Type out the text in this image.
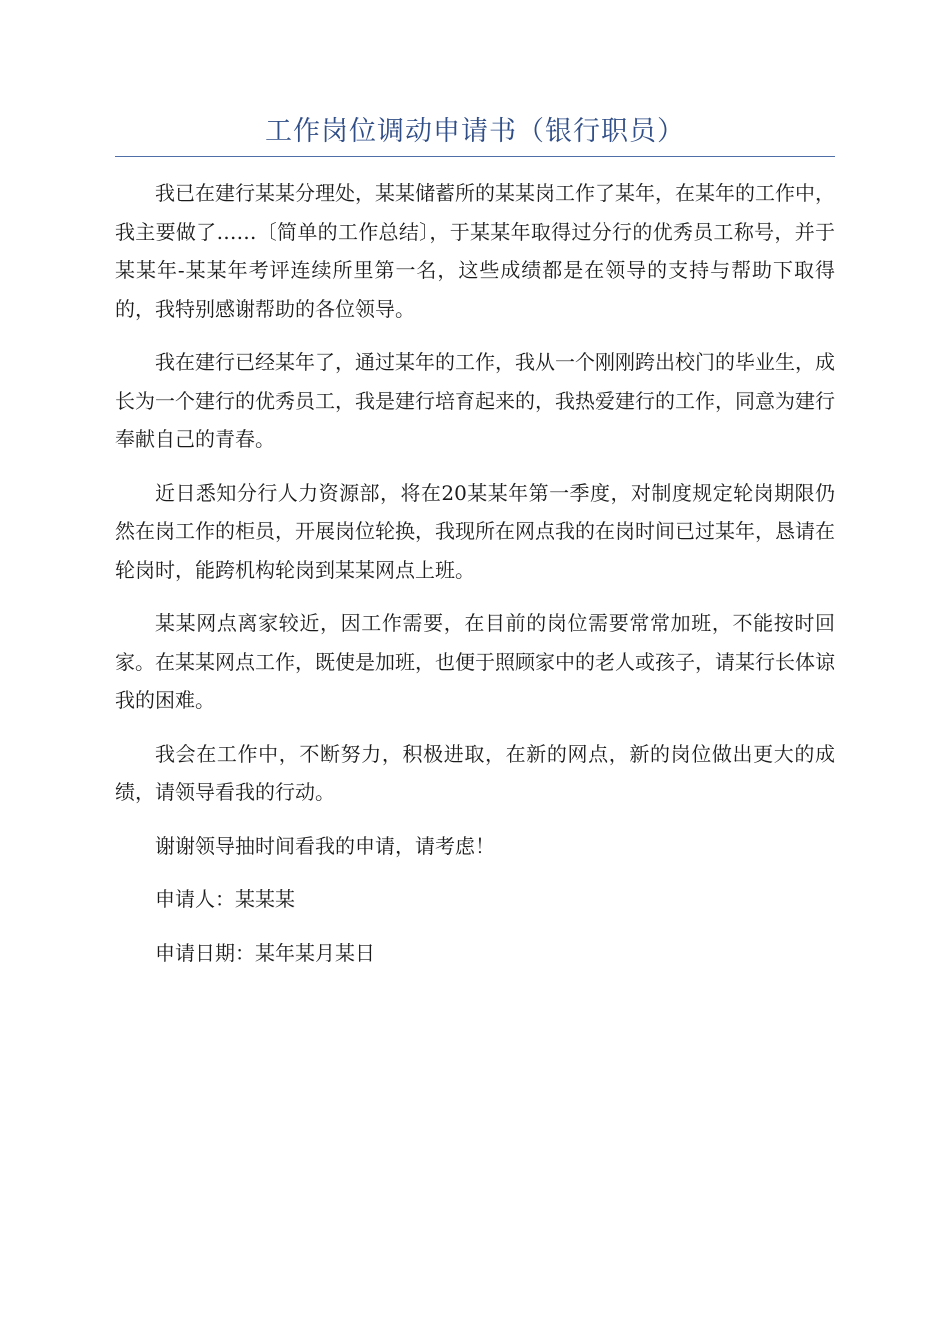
工作岗位调动申请书（银行职员）

我已在建行某某分理处，某某储蓄所的某某岗工作了某年，在某年的工作中，我主要做了……〔简单的工作总结〕，于某某年取得过分行的优秀员工称号，并于某某年-某某年考评连续所里第一名，这些成绩都是在领导的支持与帮助下取得的，我特别感谢帮助的各位领导。

我在建行已经某年了，通过某年的工作，我从一个刚刚跨出校门的毕业生，成长为一个建行的优秀员工，我是建行培育起来的，我热爱建行的工作，同意为建行奉献自己的青春。

近日悉知分行人力资源部，将在20某某年第一季度，对制度规定轮岗期限仍然在岗工作的柜员，开展岗位轮换，我现所在网点我的在岗时间已过某年，恳请在轮岗时，能跨机构轮岗到某某网点上班。

某某网点离家较近，因工作需要，在目前的岗位需要常常加班，不能按时回家。在某某网点工作，既使是加班，也便于照顾家中的老人或孩子，请某行长体谅我的困难。

我会在工作中，不断努力，积极进取，在新的网点，新的岗位做出更大的成绩，请领导看我的行动。

谢谢领导抽时间看我的申请，请考虑！

申请人：某某某

申请日期：某年某月某日
